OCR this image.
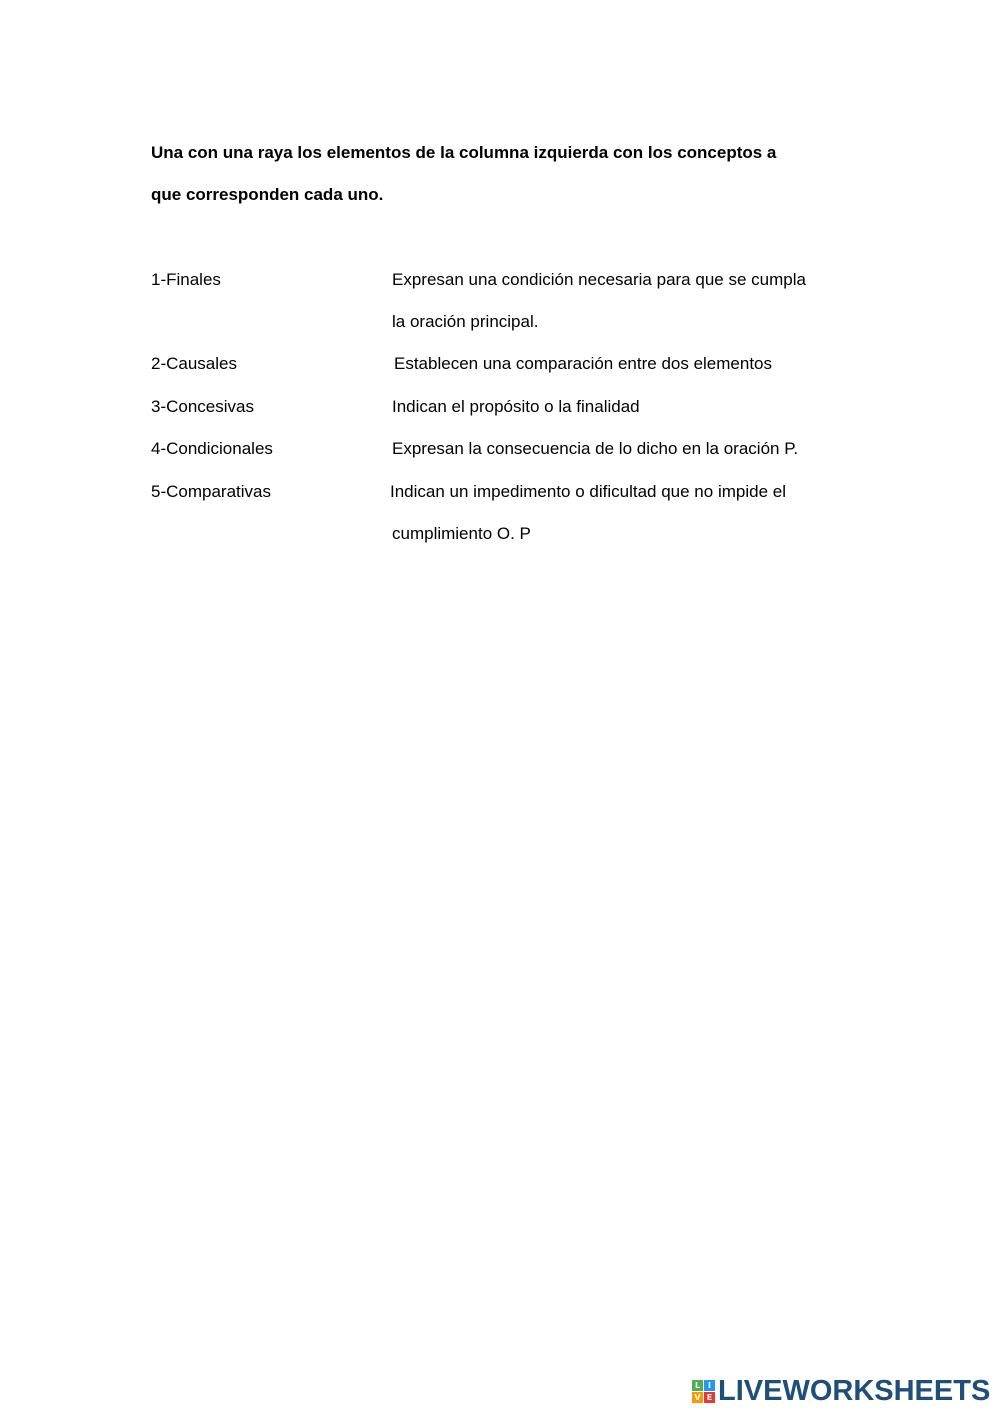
Una con una raya los elementos de la columna izquierda con los conceptos a
que corresponden cada uno.
1-Finales
2-Causales
3-Concesivas
4-Condicionales
5-Comparativas
Expresan una condición necesaria para que se cumpla
la oración principal.
Establecen una comparación entre dos elementos
Indican el propósito o la finalidad
Expresan la consecuencia de lo dicho en la oración P.
Indican un impedimento o dificultad que no impide el
cumplimiento O. P
L I
V E LIVEWORKSHEETS
